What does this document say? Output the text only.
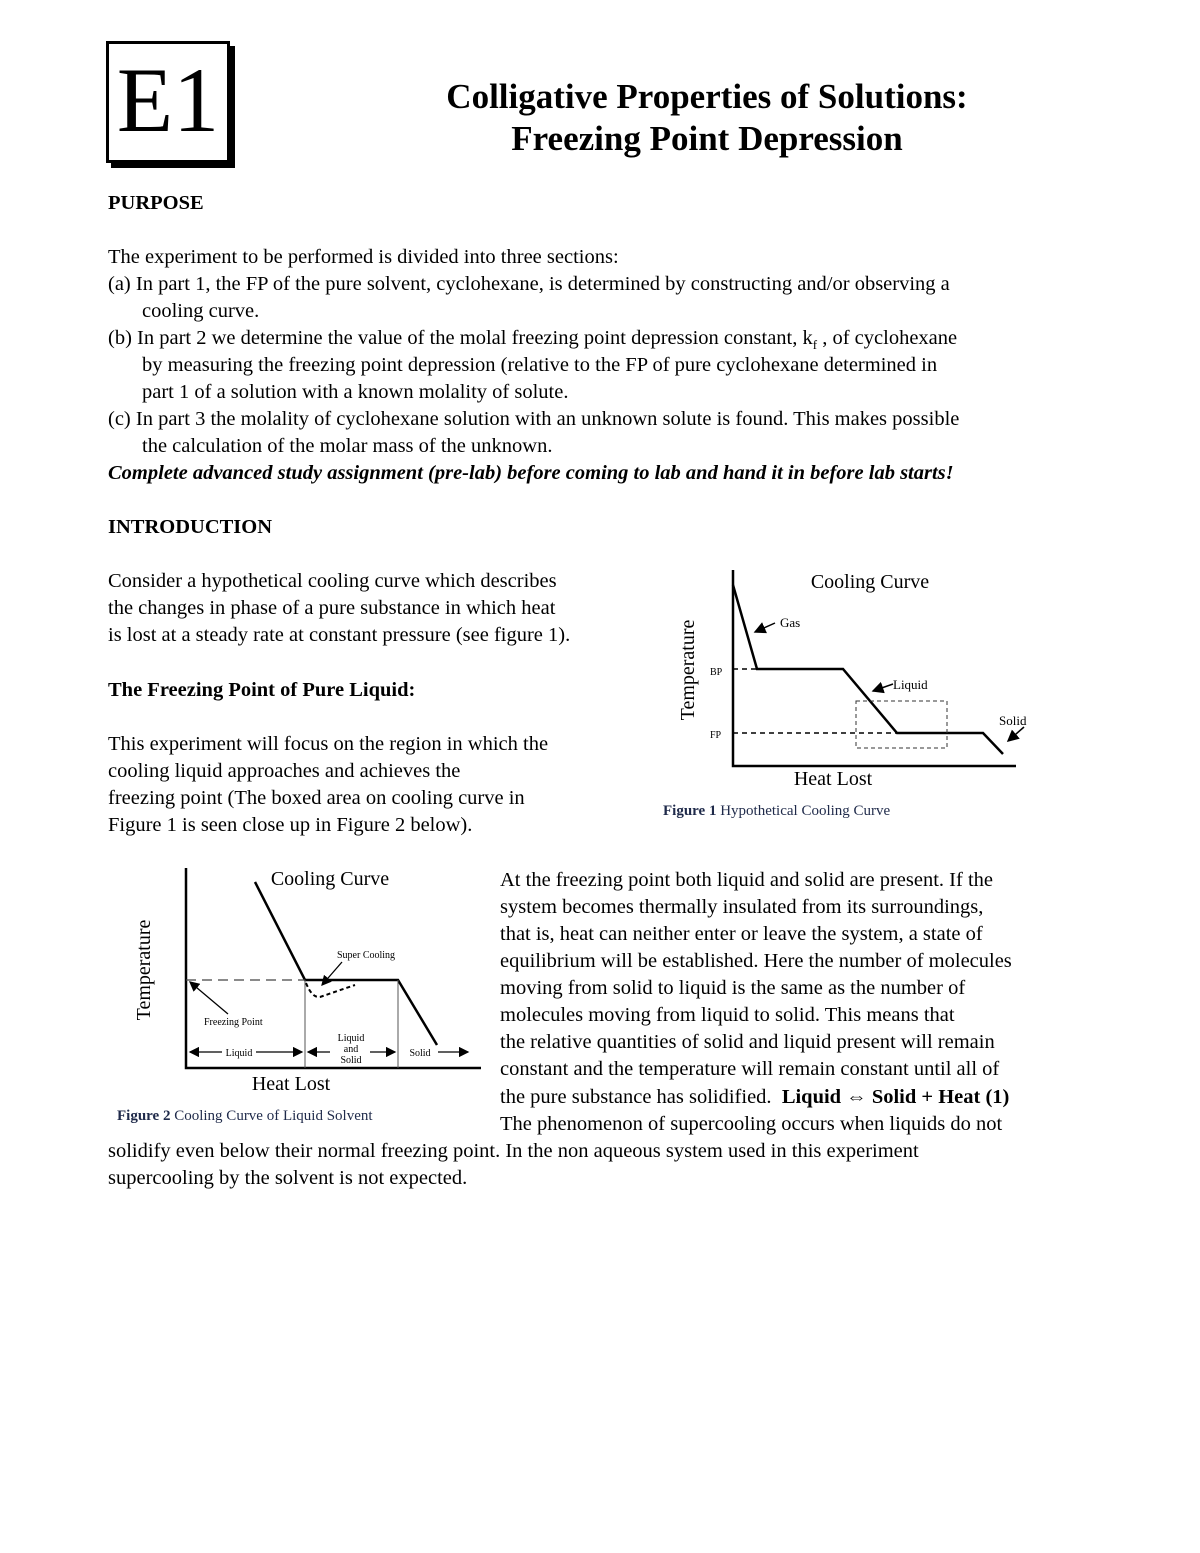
E1	Colligative Properties of Solutions:
Freezing Point Depression
PURPOSE
The experiment to be performed is divided into three sections:
(a) In part 1, the FP of the pure solvent, cyclohexane, is determined by constructing and/or observing a
cooling curve.
(b) In part 2 we determine the value of the molal freezing point depression constant, $k_f$ , of cyclohexane
by measuring the freezing point depression (relative to the FP of pure cyclohexane determined in
part 1 of a solution with a known molality of solute.
(c) In part 3 the molality of cyclohexane solution with an unknown solute is found. This makes possible
the calculation of the molar mass of the unknown.
Complete advanced study assignment (pre-lab) before coming to lab and hand it in before lab starts!
INTRODUCTION
Consider a hypothetical cooling curve which describes
the changes in phase of a pure substance in which heat
is lost at a steady rate at constant pressure (see figure 1).
The Freezing Point of Pure Liquid:
This experiment will focus on the region in which the
cooling liquid approaches and achieves the
freezing point (The boxed area on cooling curve in
Figure 1 is seen close up in Figure 2 below).
At the freezing point both liquid and solid are present. If the
system becomes thermally insulated from its surroundings,
that is, heat can neither enter or leave the system, a state of
equilibrium will be established. Here the number of molecules
moving from solid to liquid is the same as the number of
molecules moving from liquid to solid. This means that
the relative quantities of solid and liquid present will remain
constant and the temperature will remain constant until all of
the pure substance has solidified. Liquid ⇔ Solid + Heat (1)
The phenomenon of supercooling occurs when liquids do not
solidify even below their normal freezing point. In the non aqueous system used in this experiment
supercooling by the solvent is not expected.
Cooling Curve
Gas
Liquid
Solid
BP
FP
Temperature
Heat Lost
Figure 1 Hypothetical Cooling Curve
Cooling Curve
Super Cooling
Freezing Point
Liquid
Liquid
and
Solid
Solid
Temperature
Heat Lost
Figure 2 Cooling Curve of Liquid Solvent
